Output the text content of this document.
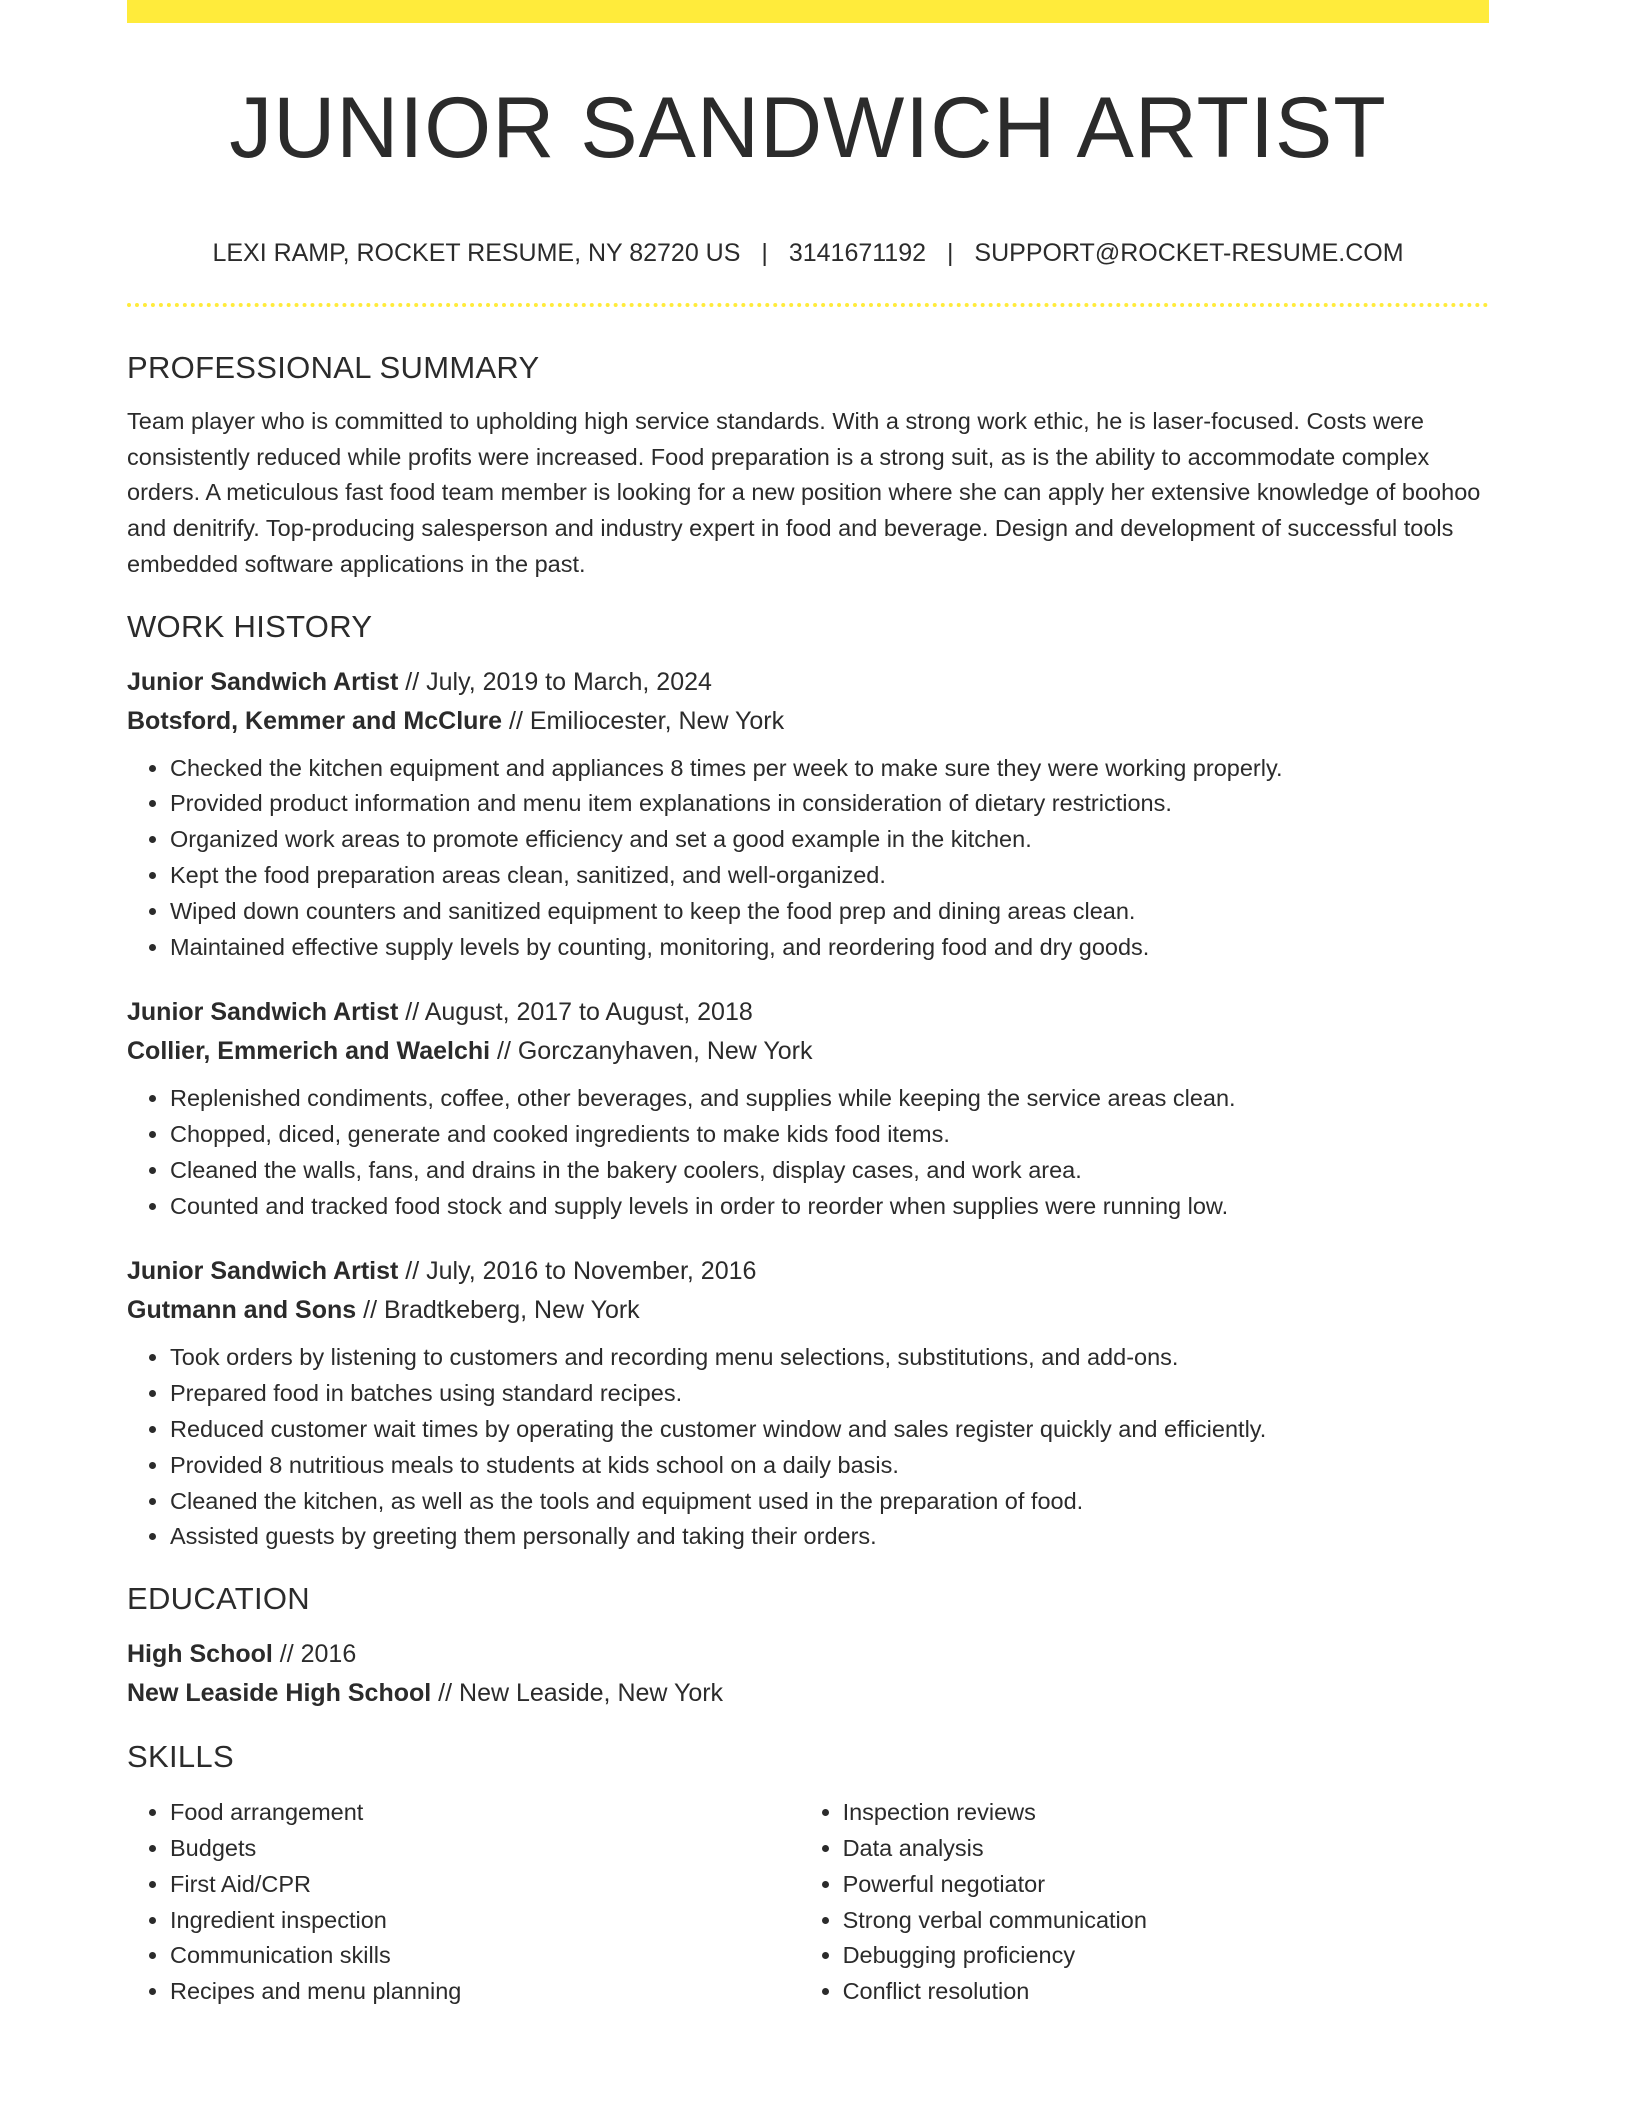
JUNIOR SANDWICH ARTIST
LEXI RAMP, ROCKET RESUME, NY 82720 US | 3141671192 | SUPPORT@ROCKET-RESUME.COM
PROFESSIONAL SUMMARY

Team player who is committed to upholding high service standards. With a strong work ethic, he is laser-focused. Costs were consistently reduced while profits were increased. Food preparation is a strong suit, as is the ability to accommodate complex orders. A meticulous fast food team member is looking for a new position where she can apply her extensive knowledge of boohoo and denitrify. Top-producing salesperson and industry expert in food and beverage. Design and development of successful tools embedded software applications in the past.

WORK HISTORY
Junior Sandwich Artist // July, 2019 to March, 2024
Botsford, Kemmer and McClure // Emiliocester, New York
• Checked the kitchen equipment and appliances 8 times per week to make sure they were working properly.
• Provided product information and menu item explanations in consideration of dietary restrictions.
• Organized work areas to promote efficiency and set a good example in the kitchen.
• Kept the food preparation areas clean, sanitized, and well-organized.
• Wiped down counters and sanitized equipment to keep the food prep and dining areas clean.
• Maintained effective supply levels by counting, monitoring, and reordering food and dry goods.
Junior Sandwich Artist // August, 2017 to August, 2018
Collier, Emmerich and Waelchi // Gorczanyhaven, New York
• Replenished condiments, coffee, other beverages, and supplies while keeping the service areas clean.
• Chopped, diced, generate and cooked ingredients to make kids food items.
• Cleaned the walls, fans, and drains in the bakery coolers, display cases, and work area.
• Counted and tracked food stock and supply levels in order to reorder when supplies were running low.
Junior Sandwich Artist // July, 2016 to November, 2016
Gutmann and Sons // Bradtkeberg, New York
• Took orders by listening to customers and recording menu selections, substitutions, and add-ons.
• Prepared food in batches using standard recipes.
• Reduced customer wait times by operating the customer window and sales register quickly and efficiently.
• Provided 8 nutritious meals to students at kids school on a daily basis.
• Cleaned the kitchen, as well as the tools and equipment used in the preparation of food.
• Assisted guests by greeting them personally and taking their orders.
EDUCATION
High School // 2016
New Leaside High School // New Leaside, New York
SKILLS
• Food arrangement
• Budgets
• First Aid/CPR
• Ingredient inspection
• Communication skills
• Recipes and menu planning
• Inspection reviews
• Data analysis
• Powerful negotiator
• Strong verbal communication
• Debugging proficiency
• Conflict resolution
